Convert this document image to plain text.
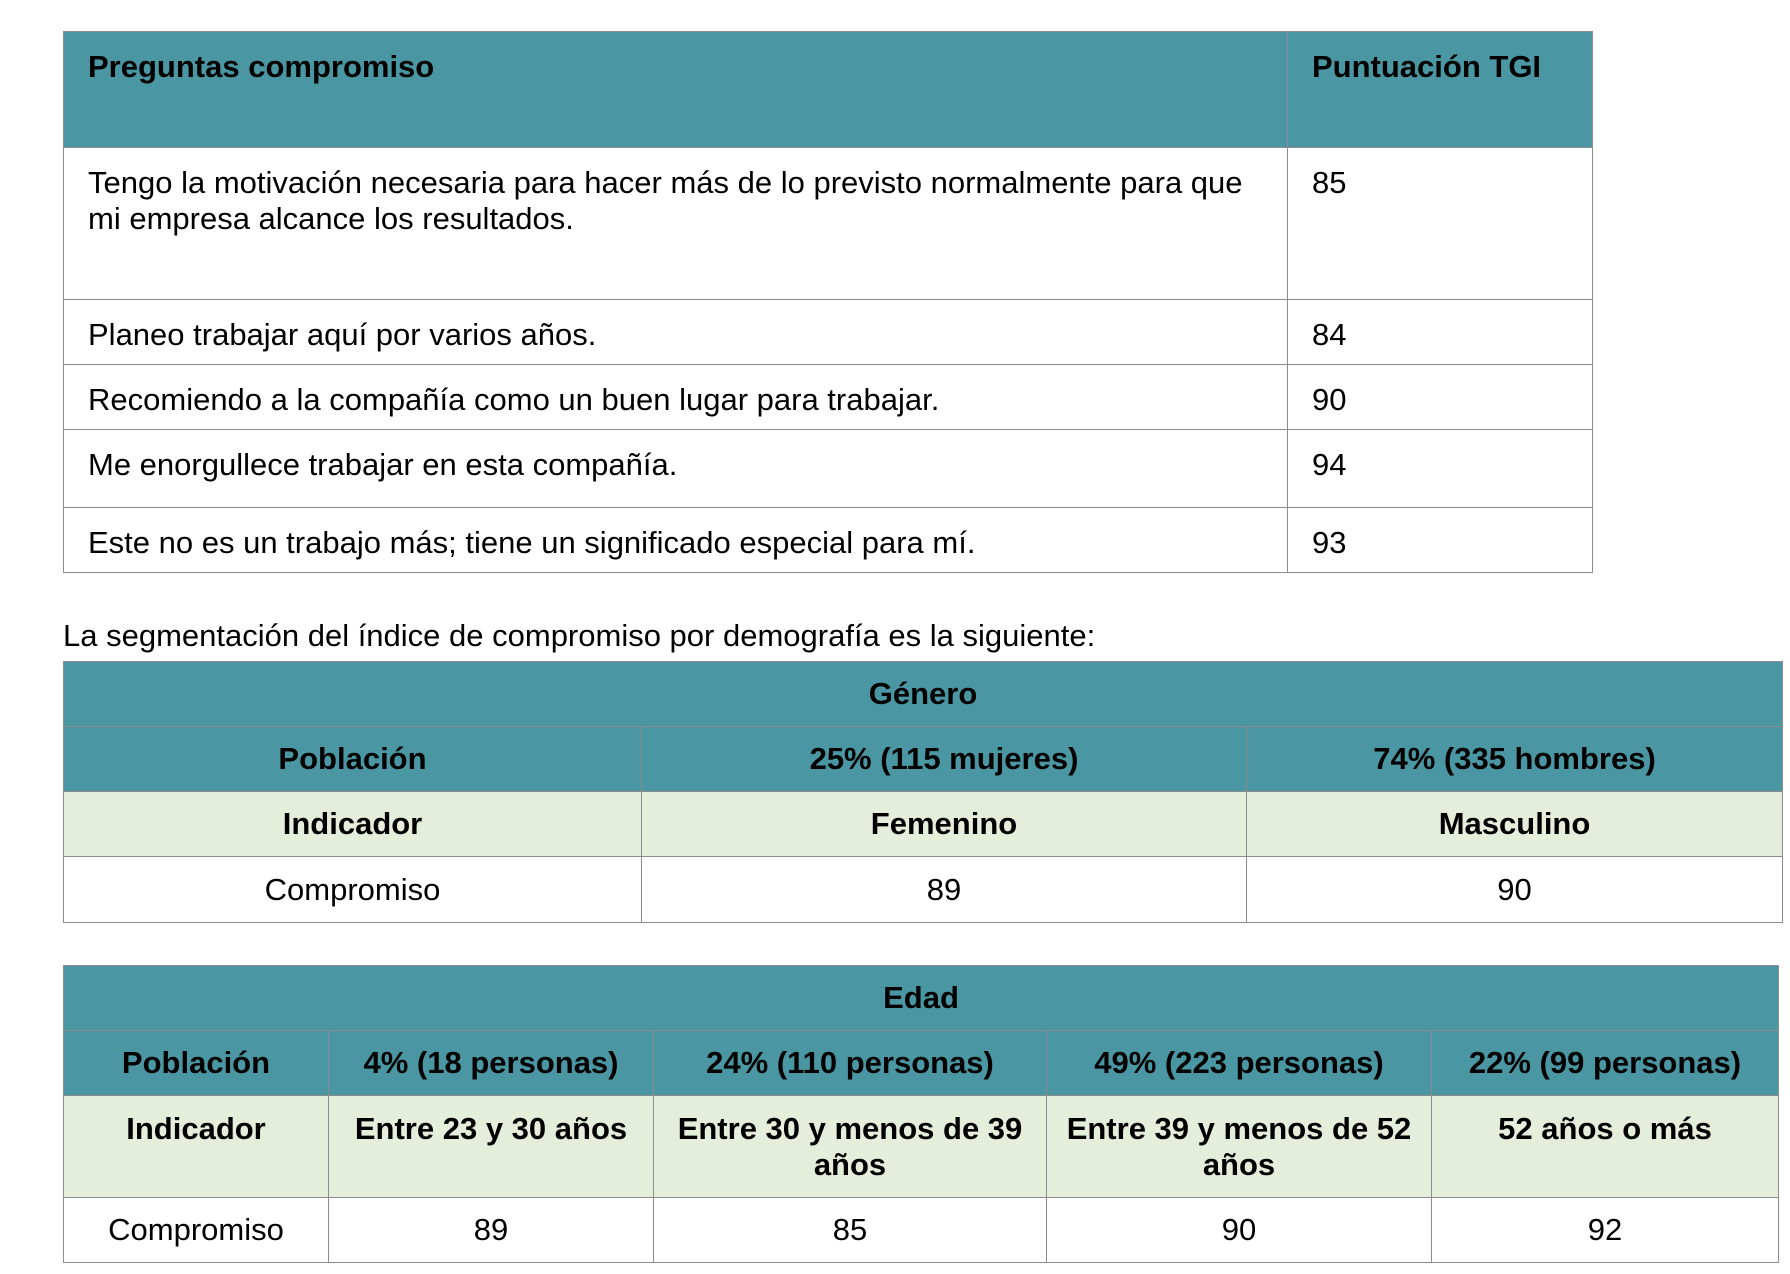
Preguntas compromiso	Puntuación TGI
Tengo la motivación necesaria para hacer más de lo previsto normalmente para que mi empresa alcance los resultados.	85
Planeo trabajar aquí por varios años.	84
Recomiendo a la compañía como un buen lugar para trabajar.	90
Me enorgullece trabajar en esta compañía.	94
Este no es un trabajo más; tiene un significado especial para mí.	93

La segmentación del índice de compromiso por demografía es la siguiente:

Género		
Población	25% (115 mujeres)	74% (335 hombres)
Indicador	Femenino	Masculino
Compromiso	89	90
Edad				
Población	4% (18 personas)	24% (110 personas)	49% (223 personas)	22% (99 personas)
Indicador	Entre 23 y 30 años	Entre 30 y menos de 39 años	Entre 39 y menos de 52 años	52 años o más
Compromiso	89	85	90	92
